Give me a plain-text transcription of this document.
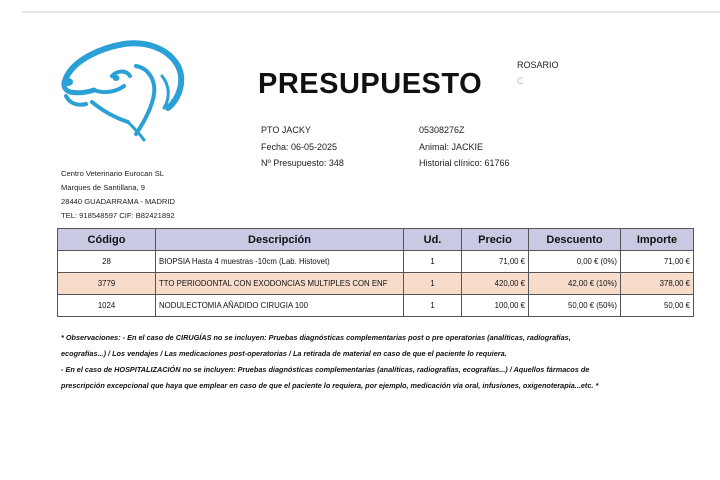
PRESUPUESTO
ROSARIO
C
PTO JACKY
Fecha: 06-05-2025
Nº Presupuesto: 348
05308276Z
Animal: JACKIE
Historial clínico: 61766
Centro Veterinario Eurocan SL
Marques de Santillana, 9
28440 GUADARRAMA - MADRID
TEL: 918548597 CIF: B82421892
Código	Descripción	Ud.	Precio	Descuento	Importe
28	BIOPSIA Hasta 4 muestras -10cm (Lab. Histovet)	1	71,00 €	0,00 € (0%)	71,00 €
3779	TTO PERIODONTAL CON EXODONCIAS MULTIPLES CON ENF	1	420,00 €	42,00 € (10%)	378,00 €
1024	NODULECTOMIA AÑADIDO CIRUGIA 100	1	100,00 €	50,00 € (50%)	50,00 €

* Observaciones: - En el caso de CIRUGÍAS no se incluyen: Pruebas diagnósticas complementarias post o pre operatorias (analíticas, radiografías,

ecografías...) / Los vendajes / Las medicaciones post-operatorias / La retirada de material en caso de que el paciente lo requiera.

- En el caso de HOSPITALIZACIÓN no se incluyen: Pruebas diagnósticas complementarias (analíticas, radiografías, ecografías...) / Aquellos fármacos de

prescripción excepcional que haya que emplear en caso de que el paciente lo requiera, por ejemplo, medicación vía oral, infusiones, oxigenoterapia...etc. *
